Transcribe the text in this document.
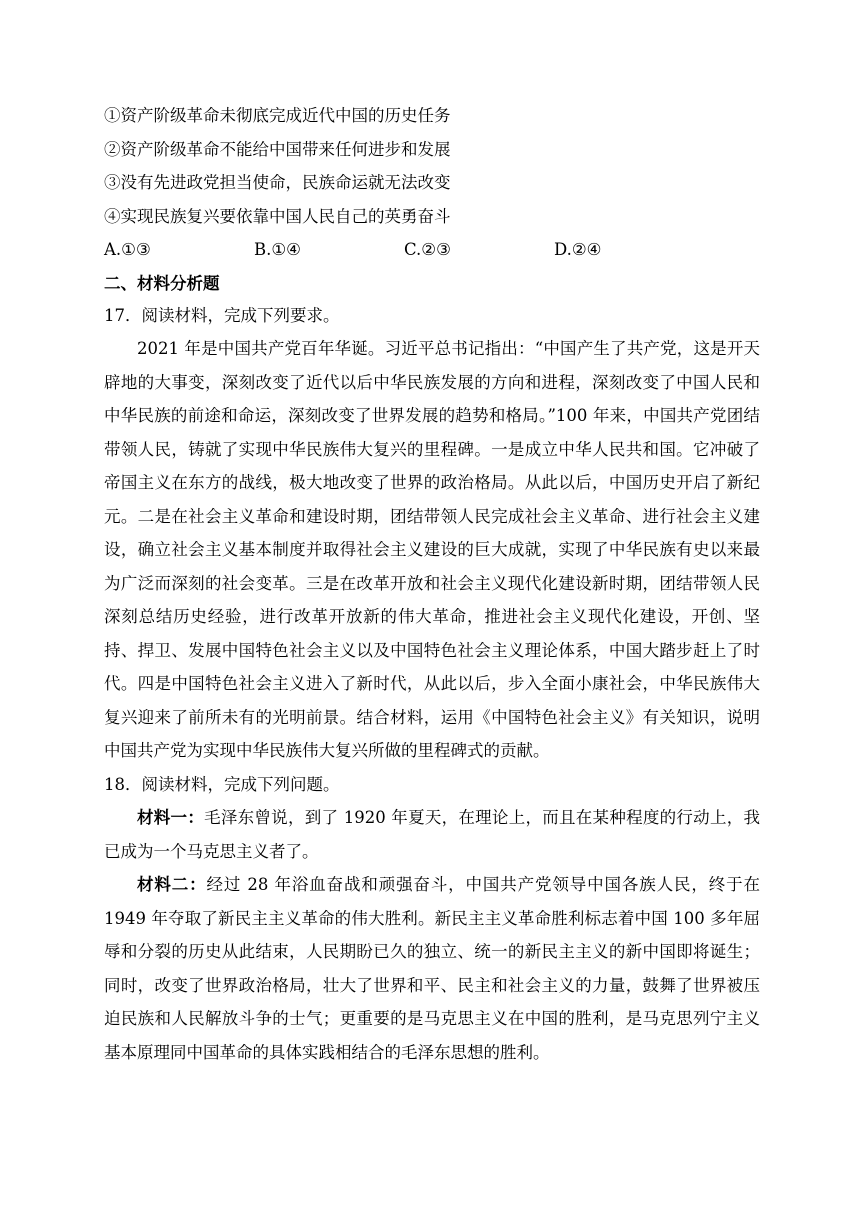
①资产阶级革命未彻底完成近代中国的历史任务
②资产阶级革命不能给中国带来任何进步和发展
③没有先进政党担当使命，民族命运就无法改变
④实现民族复兴要依靠中国人民自己的英勇奋斗
A.①③	B.①④	C.②③	D.②④
二、材料分析题
17．阅读材料，完成下列要求。
2021 年是中国共产党百年华诞。习近平总书记指出：“中国产生了共产党，这是开天辟地的大事变，深刻改变了近代以后中华民族发展的方向和进程，深刻改变了中国人民和中华民族的前途和命运，深刻改变了世界发展的趋势和格局。”100 年来，中国共产党团结带领人民，铸就了实现中华民族伟大复兴的里程碑。一是成立中华人民共和国。它冲破了帝国主义在东方的战线，极大地改变了世界的政治格局。从此以后，中国历史开启了新纪元。二是在社会主义革命和建设时期，团结带领人民完成社会主义革命、进行社会主义建设，确立社会主义基本制度并取得社会主义建设的巨大成就，实现了中华民族有史以来最为广泛而深刻的社会变革。三是在改革开放和社会主义现代化建设新时期，团结带领人民深刻总结历史经验，进行改革开放新的伟大革命，推进社会主义现代化建设，开创、坚持、捍卫、发展中国特色社会主义以及中国特色社会主义理论体系，中国大踏步赶上了时代。四是中国特色社会主义进入了新时代，从此以后，步入全面小康社会，中华民族伟大复兴迎来了前所未有的光明前景。结合材料，运用《中国特色社会主义》有关知识，说明中国共产党为实现中华民族伟大复兴所做的里程碑式的贡献。
18．阅读材料，完成下列问题。
材料一：毛泽东曾说，到了 1920 年夏天，在理论上，而且在某种程度的行动上，我已成为一个马克思主义者了。
材料二：经过 28 年浴血奋战和顽强奋斗，中国共产党领导中国各族人民，终于在 1949 年夺取了新民主主义革命的伟大胜利。新民主主义革命胜利标志着中国 100 多年屈辱和分裂的历史从此结束，人民期盼已久的独立、统一的新民主主义的新中国即将诞生；同时，改变了世界政治格局，壮大了世界和平、民主和社会主义的力量，鼓舞了世界被压迫民族和人民解放斗争的士气；更重要的是马克思主义在中国的胜利，是马克思列宁主义基本原理同中国革命的具体实践相结合的毛泽东思想的胜利。
